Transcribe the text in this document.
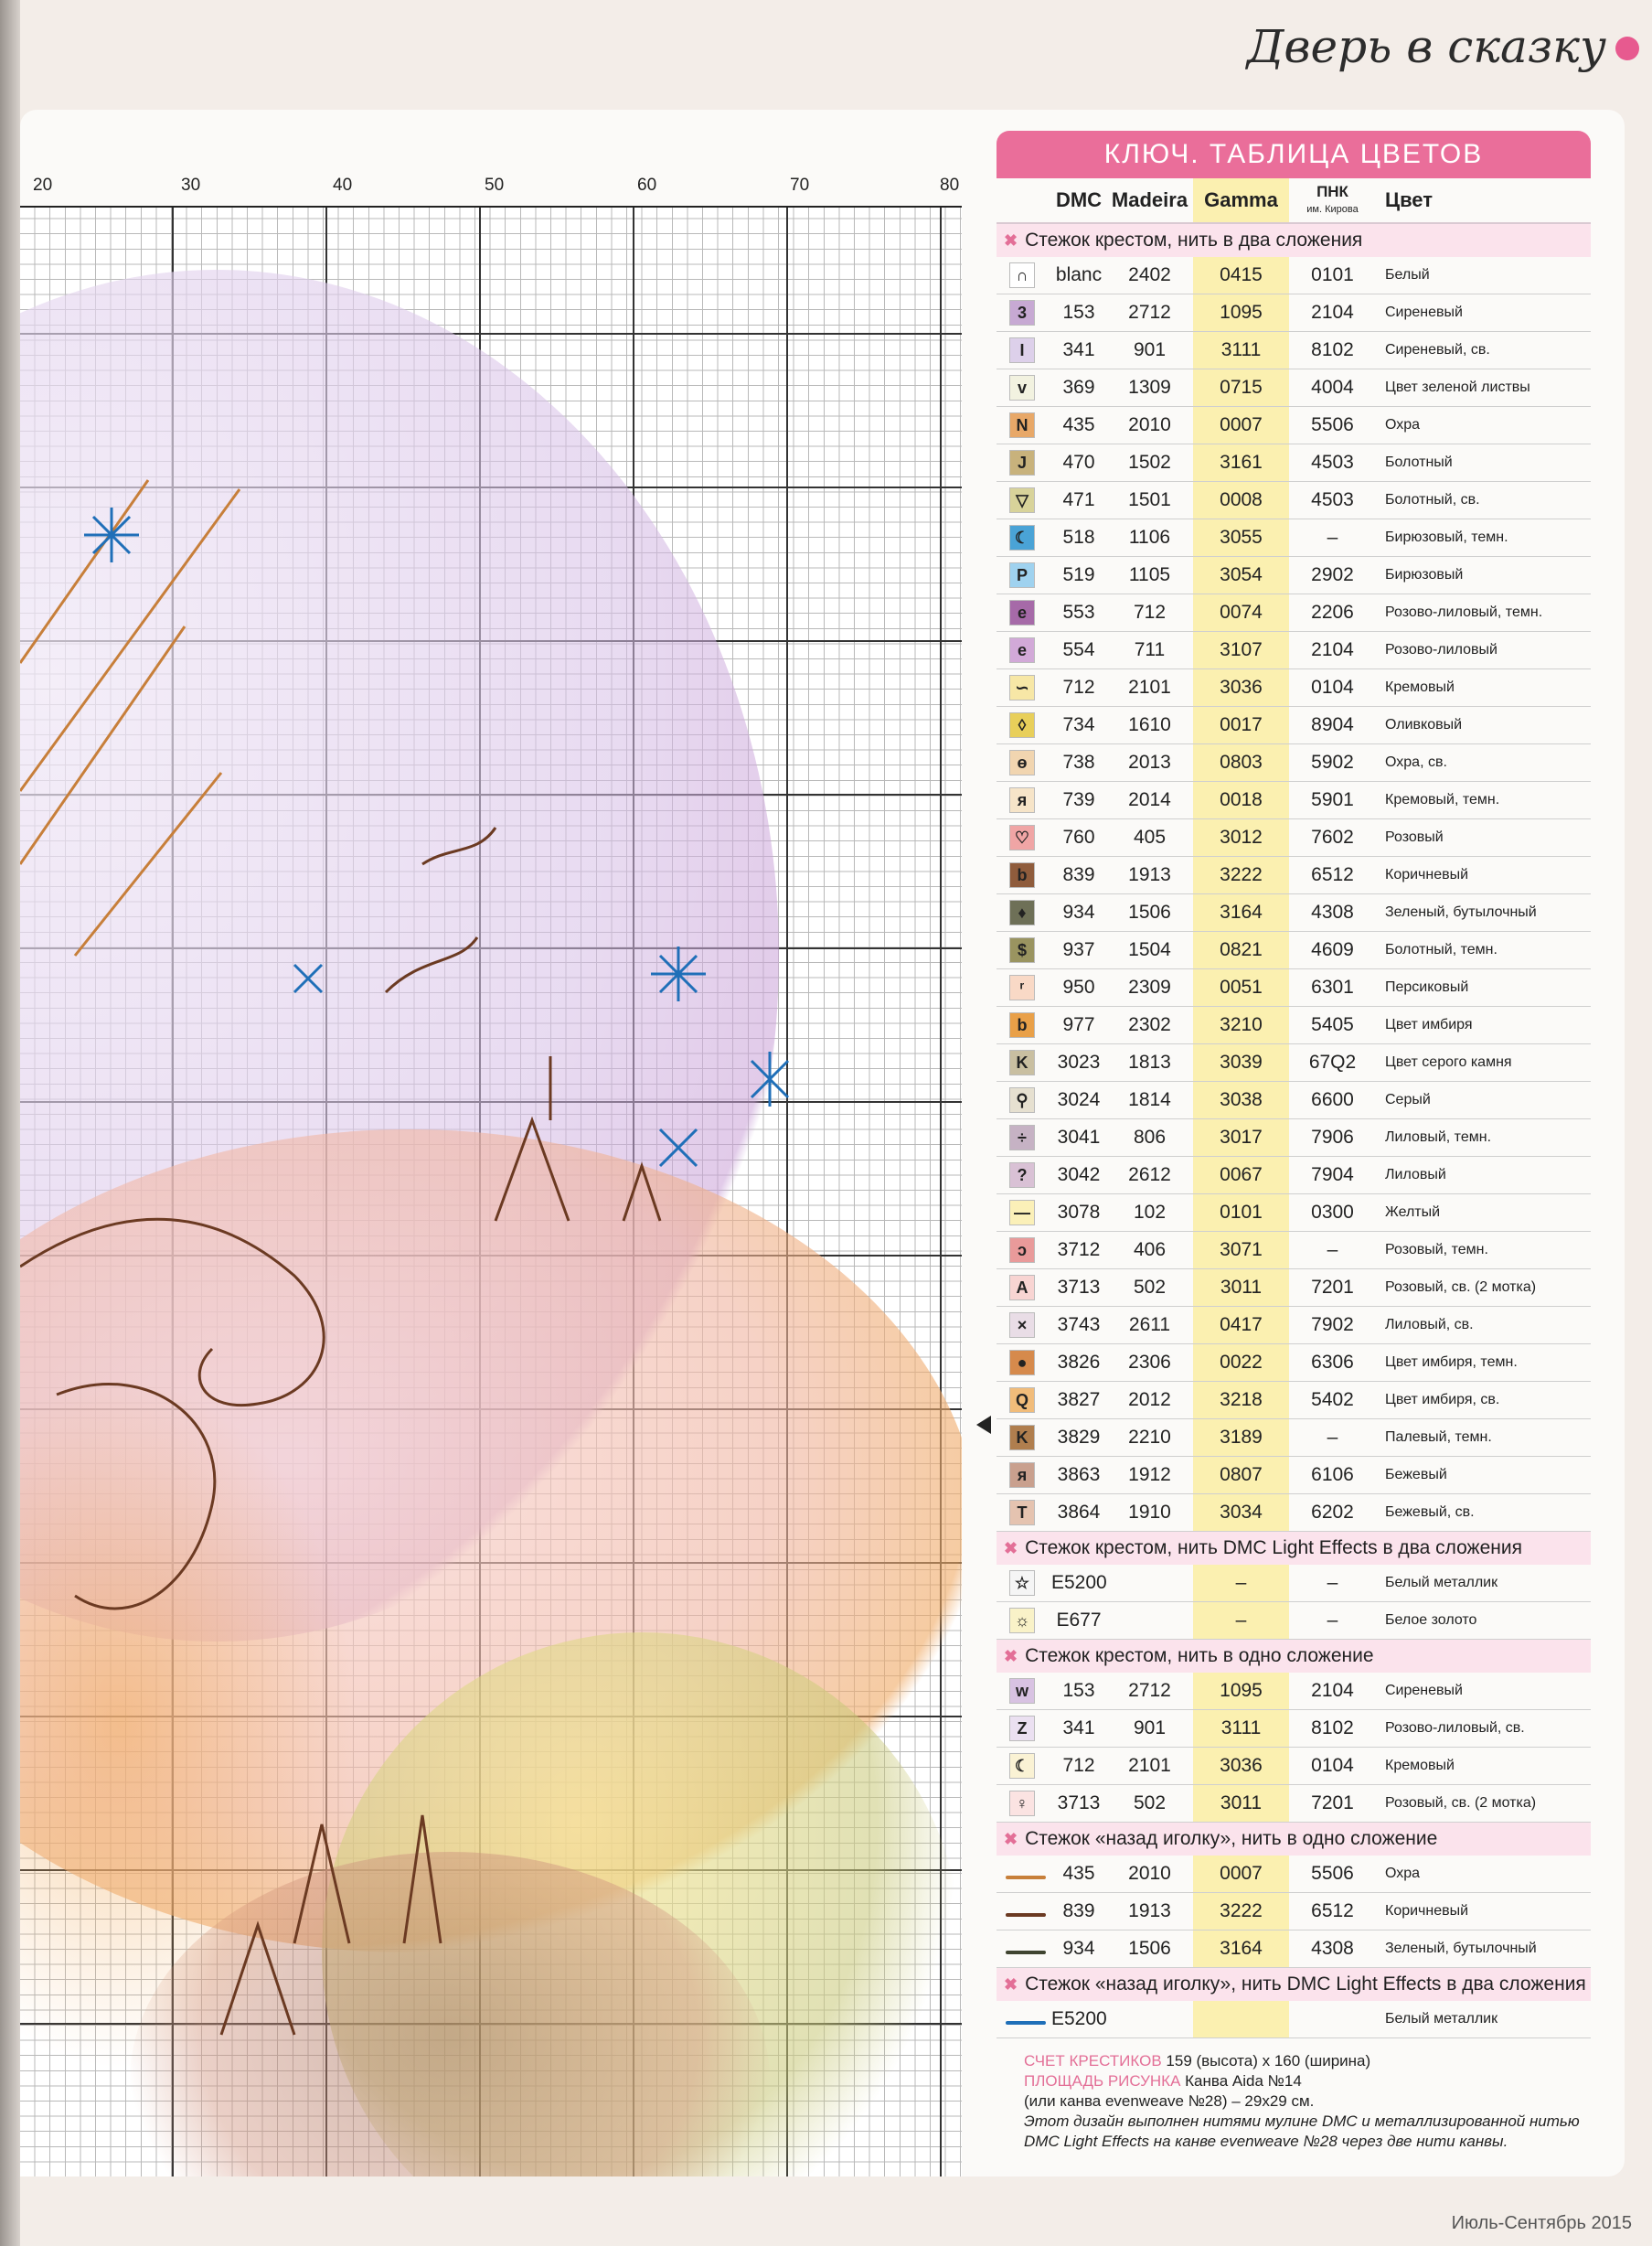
Дверь в сказку
20	30	40	50	60	70	80
КЛЮЧ. ТАБЛИЦА ЦВЕТОВ
DMC Madeira Gamma	ПНК
им. Кирова	Цвет
✖ Стежок крестом, нить в два сложения
∩	blanc	2402	0415	0101	Белый
3	153	2712	1095	2104	Сиреневый
I	341	901	3111	8102	Сиреневый, св.
v	369	1309	0715	4004	Цвет зеленой листвы
N	435	2010	0007	5506	Охра
J	470	1502	3161	4503	Болотный
▽	471	1501	0008	4503	Болотный, св.
☾	518	1106	3055	–	Бирюзовый, темн.
P	519	1105	3054	2902	Бирюзовый
e	553	712	0074	2206	Розово-лиловый, темн.
e	554	711	3107	2104	Розово-лиловый
∽	712	2101	3036	0104	Кремовый
◊	734	1610	0017	8904	Оливковый
ɵ	738	2013	0803	5902	Охра, св.
я	739	2014	0018	5901	Кремовый, темн.
♡	760	405	3012	7602	Розовый
b	839	1913	3222	6512	Коричневый
♦	934	1506	3164	4308	Зеленый, бутылочный
$	937	1504	0821	4609	Болотный, темн.
ʳ	950	2309	0051	6301	Персиковый
b	977	2302	3210	5405	Цвет имбиря
K	3023	1813	3039	67Q2	Цвет серого камня
⚲	3024	1814	3038	6600	Серый
÷	3041	806	3017	7906	Лиловый, темн.
?	3042	2612	0067	7904	Лиловый
—	3078	102	0101	0300	Желтый
ↄ	3712	406	3071	–	Розовый, темн.
A	3713	502	3011	7201	Розовый, св. (2 мотка)
×	3743	2611	0417	7902	Лиловый, св.
●	3826	2306	0022	6306	Цвет имбиря, темн.
Q	3827	2012	3218	5402	Цвет имбиря, св.
K	3829	2210	3189	–	Палевый, темн.
я	3863	1912	0807	6106	Бежевый
T	3864	1910	3034	6202	Бежевый, св.
✖ Стежок крестом, нить DMC Light Effects в два сложения
☆	E5200	–	–	Белый металлик
☼	E677	–	–	Белое золото
✖ Стежок крестом, нить в одно сложение
w	153	2712	1095	2104	Сиреневый
Z	341	901	3111	8102	Розово-лиловый, св.
☾	712	2101	3036	0104	Кремовый
♀	3713	502	3011	7201	Розовый, св. (2 мотка)
✖ Стежок «назад иголку», нить в одно сложение
435	2010	0007	5506	Охра
839	1913	3222	6512	Коричневый
934	1506	3164	4308	Зеленый, бутылочный
✖ Стежок «назад иголку», нить DMC Light Effects в два сложения
E5200	Белый металлик
СЧЕТ КРЕСТИКОВ 159 (высота) х 160 (ширина)
ПЛОЩАДЬ РИСУНКА Канва Aida №14
(или канва evenweave №28) – 29х29 см.
Этот дизайн выполнен нитями мулине DMC и металлизированной нитью DMC Light Effects на канве evenweave №28 через две нити канвы.
Июль-Сентябрь 2015
